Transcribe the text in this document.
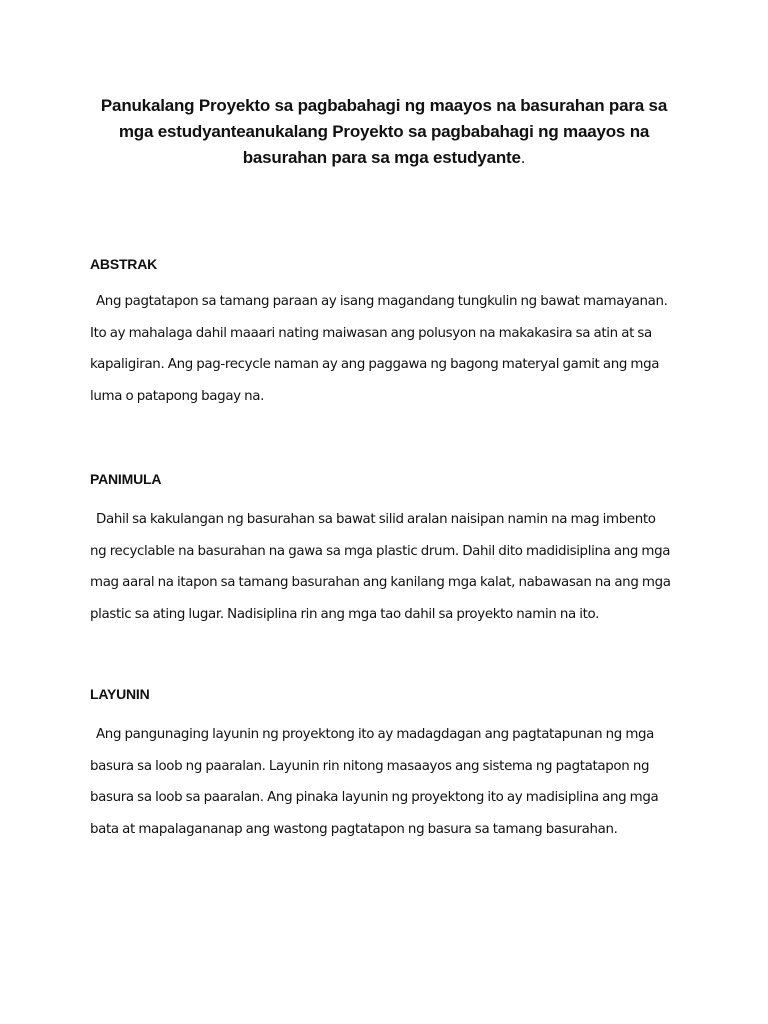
Panukalang Proyekto sa pagbabahagi ng maayos na basurahan para sa
mga estudyanteanukalang Proyekto sa pagbabahagi ng maayos na
basurahan para sa mga estudyante.
ABSTRAK
Ang pagtatapon sa tamang paraan ay isang magandang tungkulin ng bawat mamayanan.
Ito ay mahalaga dahil maaari nating maiwasan ang polusyon na makakasira sa atin at sa
kapaligiran. Ang pag-recycle naman ay ang paggawa ng bagong materyal gamit ang mga
luma o patapong bagay na.
PANIMULA
Dahil sa kakulangan ng basurahan sa bawat silid aralan naisipan namin na mag imbento
ng recyclable na basurahan na gawa sa mga plastic drum. Dahil dito madidisiplina ang mga
mag aaral na itapon sa tamang basurahan ang kanilang mga kalat, nabawasan na ang mga
plastic sa ating lugar. Nadisiplina rin ang mga tao dahil sa proyekto namin na ito.
LAYUNIN
Ang pangunaging layunin ng proyektong ito ay madagdagan ang pagtatapunan ng mga
basura sa loob ng paaralan. Layunin rin nitong masaayos ang sistema ng pagtatapon ng
basura sa loob sa paaralan. Ang pinaka layunin ng proyektong ito ay madisiplina ang mga
bata at mapalagananap ang wastong pagtatapon ng basura sa tamang basurahan.
